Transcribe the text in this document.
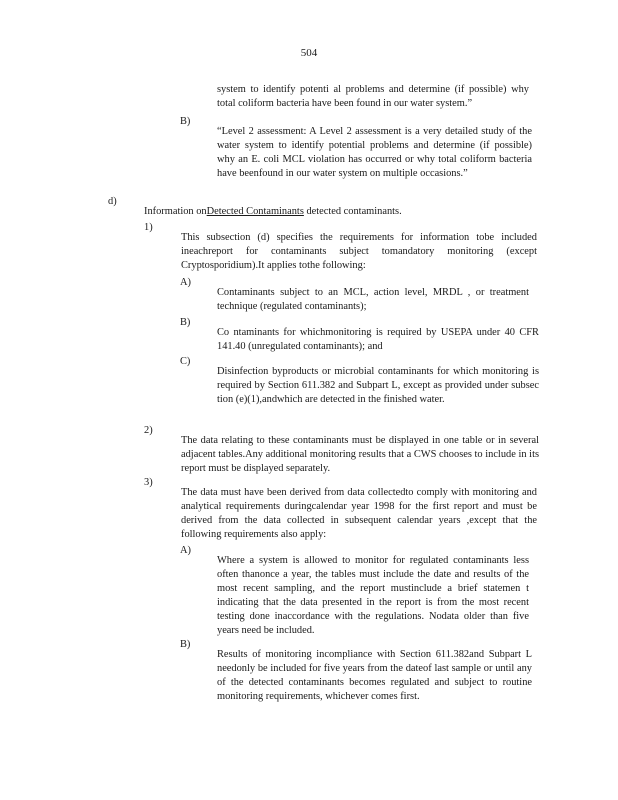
504

system to identify potenti al problems and determine (if possible) why total coliform bacteria have been found in our water system.”

B)

“Level 2 assessment: A Level 2 assessment is a very detailed study of the water system to identify potential problems and determine (if possible) why an E. coli MCL violation has occurred or why total coliform bacteria have beenfound in our water system on multiple occasions.”

d)

Information onDetected Contaminants detected contaminants.

1)

This subsection (d) specifies the requirements for information tobe included ineachreport for contaminants subject tomandatory monitoring (except Cryptosporidium).It applies tothe following:

A)

Contaminants subject to an MCL, action level, MRDL , or treatment technique (regulated contaminants);

B)

Co ntaminants for whichmonitoring is required by USEPA under 40 CFR 141.40 (unregulated contaminants); and

C)

Disinfection byproducts or microbial contaminants for which monitoring is required by Section 611.382 and Subpart L, except as provided under subsec tion (e)(1),andwhich are detected in the finished water.

2)

The data relating to these contaminants must be displayed in one table or in several adjacent tables.Any additional monitoring results that a CWS chooses to include in its report must be displayed separately.

3)

The data must have been derived from data collectedto comply with monitoring and analytical requirements duringcalendar year 1998 for the first report and must be derived from the data collected in subsequent calendar years ,except that the following requirements also apply:

A)

Where a system is allowed to monitor for regulated contaminants less often thanonce a year, the tables must include the date and results of the most recent sampling, and the report mustinclude a brief statemen t indicating that the data presented in the report is from the most recent testing done inaccordance with the regulations. Nodata older than five years need be included.

B)

Results of monitoring incompliance with Section 611.382and Subpart L needonly be included for five years from the dateof last sample or until any of the detected contaminants becomes regulated and subject to routine monitoring requirements, whichever comes first.
